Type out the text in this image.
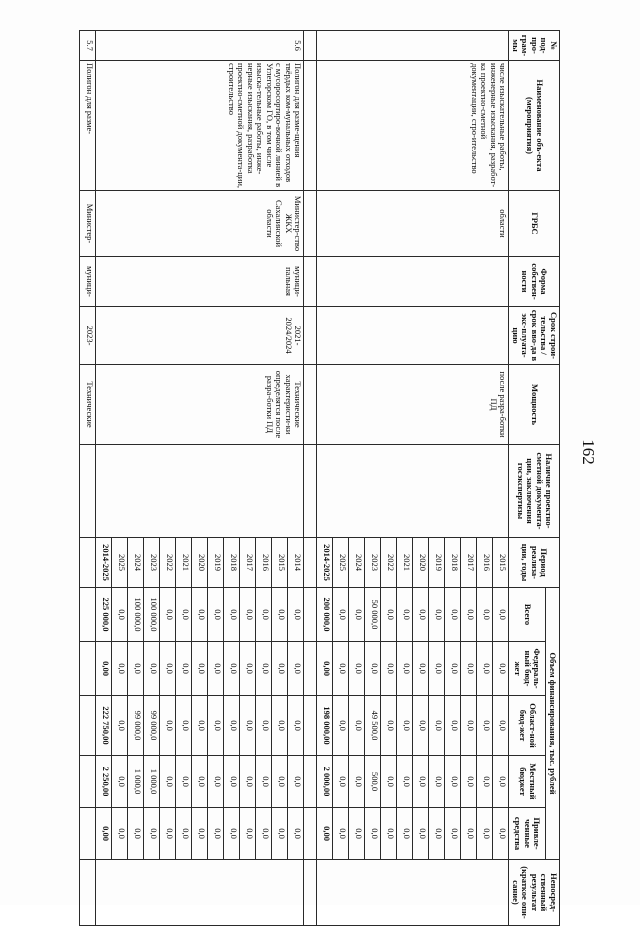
162
№ под-про-грам-мы	Наименование объ-екта (мероприятия)	ГРБС	Форма собствен-ности	Срок строи-тельства / срок вво-да в экс-плуата-цию	Мощность	Наличие проектно-сметной документа-ции, заключения госэкспертизы	Период реализа-ции, годы	Объем финансирования, тыс. рублей					Непосред-ственный результат (краткое опи-сание)
								Всего	Федераль-ный бюд-жет	Област-ной бюд-жет	Местный бюджет	Привле-ченные средства	
	числе изыскательные работы, инженерные изыскания, разработ-ка проектно-сметной документации, стро-ительство	области			после разра-ботки ПД		2015	0,0	0,0	0,0	0,0	0,0	
							2016	0,0	0,0	0,0	0,0	0,0	
							2017	0,0	0,0	0,0	0,0	0,0	
							2018	0,0	0,0	0,0	0,0	0,0	
							2019	0,0	0,0	0,0	0,0	0,0	
							2020	0,0	0,0	0,0	0,0	0,0	
							2021	0,0	0,0	0,0	0,0	0,0	
							2022	0,0	0,0	0,0	0,0	0,0	
							2023	50 000,0	0,0	49 500,0	500,0	0,0	
							2024	0,0	0,0	0,0	0,0	0,0	
							2025	0,0	0,0	0,0	0,0	0,0	
							2014-2025	200 000,0	0,00	198 000,00	2 000,00	0,00	

5.6	Полигон для разме-щения твёрдых ком-мунальных отходов с мусоросортиро-вочной линией в Углегорском ГО, в том числе изыска-тельные работы, инже-нерные изыскания, разработка проектно-сметной документа-ции, строительство	Министер-ство ЖКХ Сахалинской области	муници-пальная	2021-2024/2024	Технические характеристи-ки определятся после разра-ботки ПД		2014	0,0	0,0	0,0	0,0	0,0	
							2015	0,0	0,0	0,0	0,0	0,0	
							2016	0,0	0,0	0,0	0,0	0,0	
							2017	0,0	0,0	0,0	0,0	0,0	
							2018	0,0	0,0	0,0	0,0	0,0	
							2019	0,0	0,0	0,0	0,0	0,0	
							2020	0,0	0,0	0,0	0,0	0,0	
							2021	0,0	0,0	0,0	0,0	0,0	
							2022	0,0	0,0	0,0	0,0	0,0	
							2023	100 000,0	0,0	99 000,0	1 000,0	0,0	
							2024	100 000,0	0,0	99 000,0	1 000,0	0,0	
							2025	0,0	0,0	0,0	0,0	0,0	
							2014-2025	225 000,0	0,00	222 750,00	2 250,00	0,00	
5.7	Полигон для разме-	Министер-	муници-	2023-	Технические								
